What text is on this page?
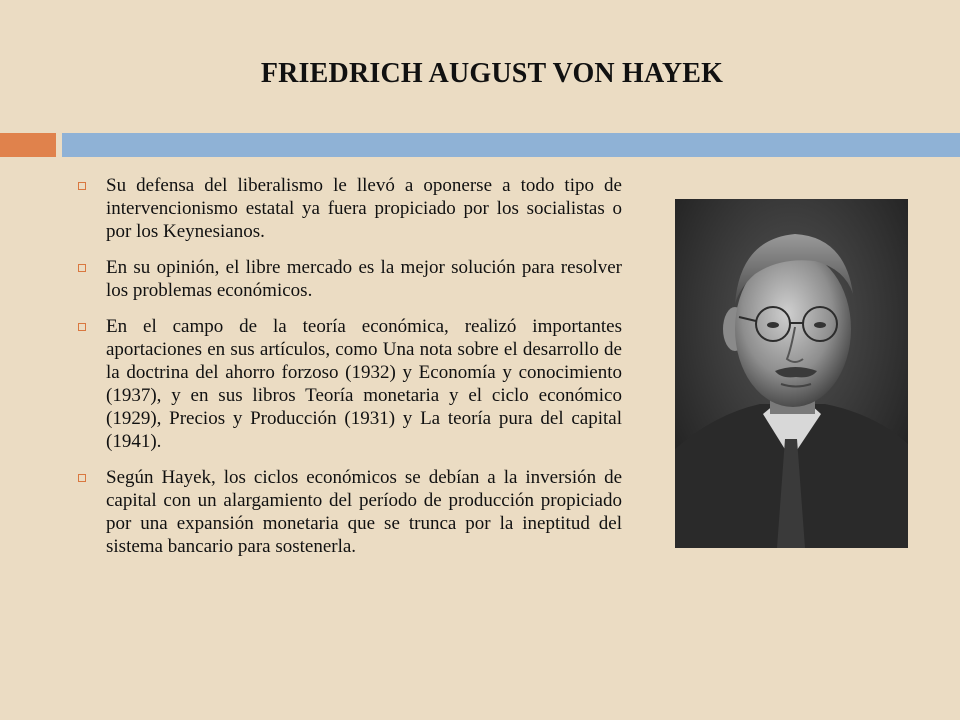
FRIEDRICH AUGUST VON HAYEK
Su defensa del liberalismo le llevó a oponerse a todo tipo de intervencionismo estatal ya fuera propiciado por los socialistas o por los Keynesianos.
En su opinión, el libre mercado es la mejor solución para resolver los problemas económicos.
En el campo de la teoría económica, realizó importantes aportaciones en sus artículos, como Una nota sobre el desarrollo de la doctrina del ahorro forzoso (1932) y Economía y conocimiento (1937), y en sus libros Teoría monetaria y el ciclo económico (1929), Precios y Producción (1931) y La teoría pura del capital (1941).
Según Hayek, los ciclos económicos se debían a la inversión de capital con un alargamiento del período de producción propiciado por una expansión monetaria que se trunca por la ineptitud del sistema bancario para sostenerla.
